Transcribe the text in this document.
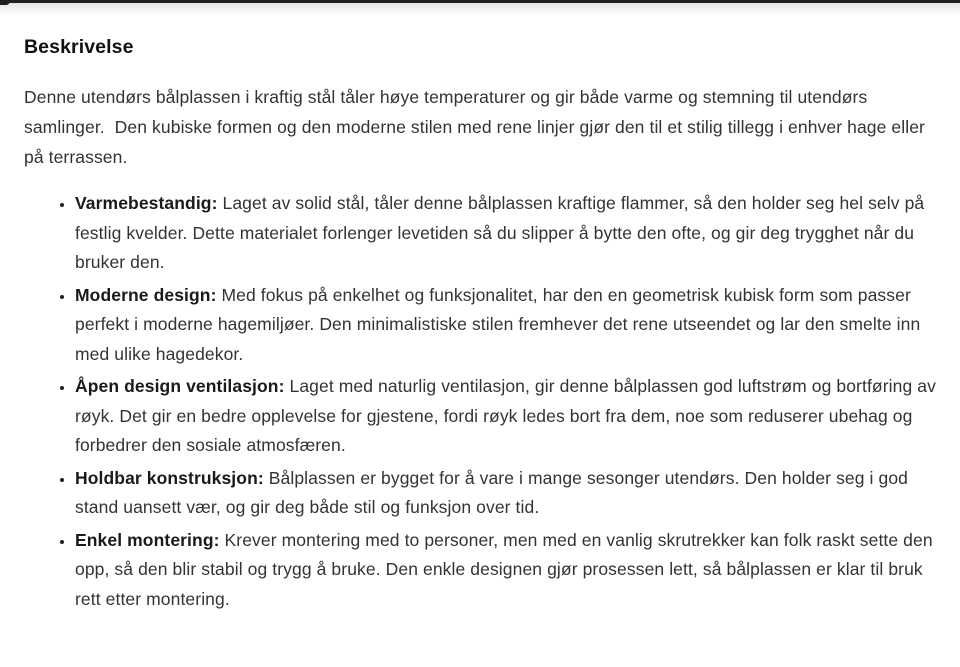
Beskrivelse

Denne utendørs bålplassen i kraftig stål tåler høye temperaturer og gir både varme og stemning til utendørs samlinger.  Den kubiske formen og den moderne stilen med rene linjer gjør den til et stilig tillegg i enhver hage eller på terrassen.

• Varmebestandig: Laget av solid stål, tåler denne bålplassen kraftige flammer, så den holder seg hel selv på festlig kvelder. Dette materialet forlenger levetiden så du slipper å bytte den ofte, og gir deg trygghet når du bruker den.
• Moderne design: Med fokus på enkelhet og funksjonalitet, har den en geometrisk kubisk form som passer perfekt i moderne hagemiljøer. Den minimalistiske stilen fremhever det rene utseendet og lar den smelte inn med ulike hagedekor.
• Åpen design ventilasjon: Laget med naturlig ventilasjon, gir denne bålplassen god luftstrøm og bortføring av røyk. Det gir en bedre opplevelse for gjestene, fordi røyk ledes bort fra dem, noe som reduserer ubehag og forbedrer den sosiale atmosfæren.
• Holdbar konstruksjon: Bålplassen er bygget for å vare i mange sesonger utendørs. Den holder seg i god stand uansett vær, og gir deg både stil og funksjon over tid.
• Enkel montering: Krever montering med to personer, men med en vanlig skrutrekker kan folk raskt sette den opp, så den blir stabil og trygg å bruke. Den enkle designen gjør prosessen lett, så bålplassen er klar til bruk rett etter montering.
